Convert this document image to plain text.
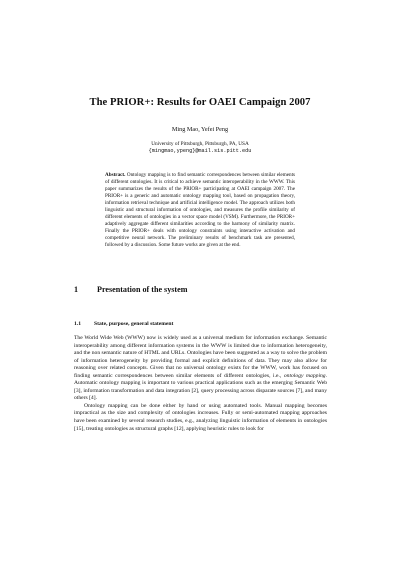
The PRIOR+: Results for OAEI Campaign 2007
Ming Mao, Yefei Peng
University of Pittsburgh, Pittsburgh, PA, USA
{mingmao,ypeng}@mail.sis.pitt.edu
Abstract. Ontology mapping is to find semantic correspondences between similar elements of different ontologies. It is critical to achieve semantic interoperability in the WWW. This paper summarizes the results of the PRIOR+ participating at OAEI campaign 2007. The PRIOR+ is a generic and automatic ontology mapping tool, based on propagation theory, information retrieval technique and artificial intelligence model. The approach utilizes both linguistic and structural information of ontologies, and measures the profile similarity of different elements of ontologies in a vector space model (VSM). Furthermore, the PRIOR+ adaptively aggregate different similarities according to the harmony of similarity matrix. Finally the PRIOR+ deals with ontology constraints using interactive activation and competitive neural network. The preliminary results of benchmark task are presented, followed by a discussion. Some future works are given at the end.
1 Presentation of the system
1.1 State, purpose, general statement

The World Wide Web (WWW) now is widely used as a universal medium for information exchange. Semantic interoperability among different information systems in the WWW is limited due to information heterogeneity, and the non semantic nature of HTML and URLs. Ontologies have been suggested as a way to solve the problem of information heterogeneity by providing formal and explicit definitions of data. They may also allow for reasoning over related concepts. Given that no universal ontology exists for the WWW, work has focused on finding semantic correspondences between similar elements of different ontologies, i.e., ontology mapping. Automatic ontology mapping is important to various practical applications such as the emerging Semantic Web [3], information transformation and data integration [2], query processing across disparate sources [7], and many others [4].

Ontology mapping can be done either by hand or using automated tools. Manual mapping becomes impractical as the size and complexity of ontologies increases. Fully or semi-automated mapping approaches have been examined by several research studies, e.g., analyzing linguistic information of elements in ontologies [15], treating ontologies as structural graphs [12], applying heuristic rules to look for
